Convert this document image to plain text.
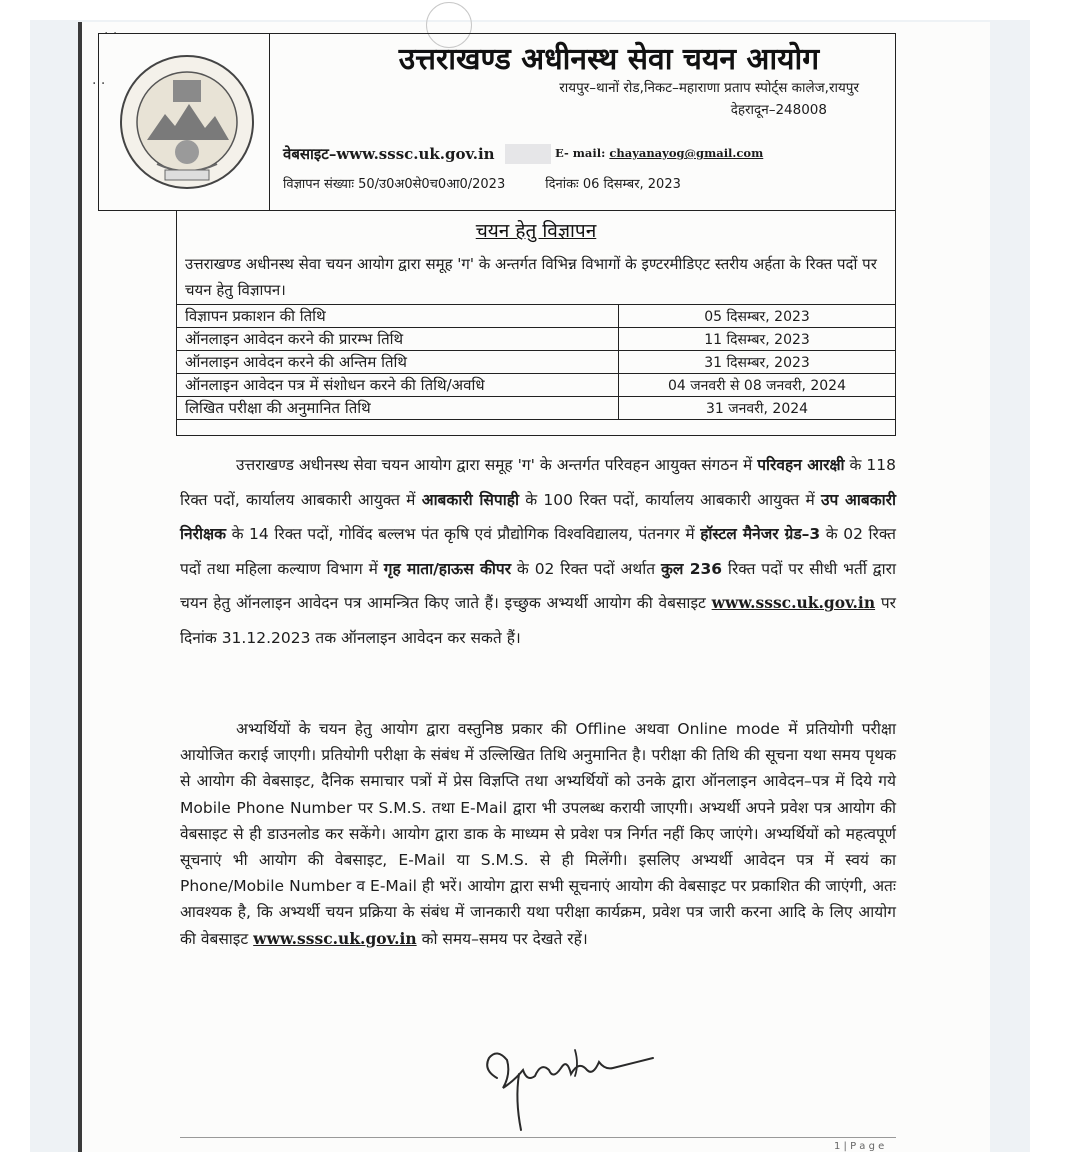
· ·
· ·
उत्तराखण्ड अधीनस्थ सेवा चयन आयोग
रायपुर–थानों रोड,निकट–महाराणा प्रताप स्पोर्ट्स कालेज,रायपुर
देहरादून–248008
वेबसाइट–www.sssc.uk.gov.in	E- mail: chayanayog@gmail.com
विज्ञापन संख्याः 50/उ0अ0से0च0आ0/2023	दिनांकः 06 दिसम्बर, 2023
चयन हेतु विज्ञापन
उत्तराखण्ड अधीनस्थ सेवा चयन आयोग द्वारा समूह 'ग' के अन्तर्गत विभिन्न विभागों के इण्टरमीडिएट स्तरीय अर्हता के रिक्त पदों पर चयन हेतु विज्ञापन।
विज्ञापन प्रकाशन की तिथि	05 दिसम्बर, 2023
ऑनलाइन आवेदन करने की प्रारम्भ तिथि	11 दिसम्बर, 2023
ऑनलाइन आवेदन करने की अन्तिम तिथि	31 दिसम्बर, 2023
ऑनलाइन आवेदन पत्र में संशोधन करने की तिथि/अवधि	04 जनवरी से 08 जनवरी, 2024
लिखित परीक्षा की अनुमानित तिथि	31 जनवरी, 2024
उत्तराखण्ड अधीनस्थ सेवा चयन आयोग द्वारा समूह 'ग' के अन्तर्गत परिवहन आयुक्त संगठन में परिवहन आरक्षी के 118 रिक्त पदों, कार्यालय आबकारी आयुक्त में आबकारी सिपाही के 100 रिक्त पदों, कार्यालय आबकारी आयुक्त में उप आबकारी निरीक्षक के 14 रिक्त पदों, गोविंद बल्लभ पंत कृषि एवं प्रौद्योगिक विश्वविद्यालय, पंतनगर में हॉस्टल मैनेजर ग्रेड–3 के 02 रिक्त पदों तथा महिला कल्याण विभाग में गृह माता/हाऊस कीपर के 02 रिक्त पदों अर्थात कुल 236 रिक्त पदों पर सीधी भर्ती द्वारा चयन हेतु ऑनलाइन आवेदन पत्र आमन्त्रित किए जाते हैं। इच्छुक अभ्यर्थी आयोग की वेबसाइट www.sssc.uk.gov.in पर दिनांक 31.12.2023 तक ऑनलाइन आवेदन कर सकते हैं।
अभ्यर्थियों के चयन हेतु आयोग द्वारा वस्तुनिष्ठ प्रकार की Offline अथवा Online mode में प्रतियोगी परीक्षा आयोजित कराई जाएगी। प्रतियोगी परीक्षा के संबंध में उल्लिखित तिथि अनुमानित है। परीक्षा की तिथि की सूचना यथा समय पृथक से आयोग की वेबसाइट, दैनिक समाचार पत्रों में प्रेस विज्ञप्ति तथा अभ्यर्थियों को उनके द्वारा ऑनलाइन आवेदन–पत्र में दिये गये Mobile Phone Number पर S.M.S. तथा E-Mail द्वारा भी उपलब्ध करायी जाएगी। अभ्यर्थी अपने प्रवेश पत्र आयोग की वेबसाइट से ही डाउनलोड कर सकेंगे। आयोग द्वारा डाक के माध्यम से प्रवेश पत्र निर्गत नहीं किए जाएंगे। अभ्यर्थियों को महत्वपूर्ण सूचनाएं भी आयोग की वेबसाइट, E-Mail या S.M.S. से ही मिलेंगी। इसलिए अभ्यर्थी आवेदन पत्र में स्वयं का Phone/Mobile Number व E-Mail ही भरें। आयोग द्वारा सभी सूचनाएं आयोग की वेबसाइट पर प्रकाशित की जाएंगी, अतः आवश्यक है, कि अभ्यर्थी चयन प्रक्रिया के संबंध में जानकारी यथा परीक्षा कार्यक्रम, प्रवेश पत्र जारी करना आदि के लिए आयोग की वेबसाइट www.sssc.uk.gov.in को समय–समय पर देखते रहें।
1 | P a g e
